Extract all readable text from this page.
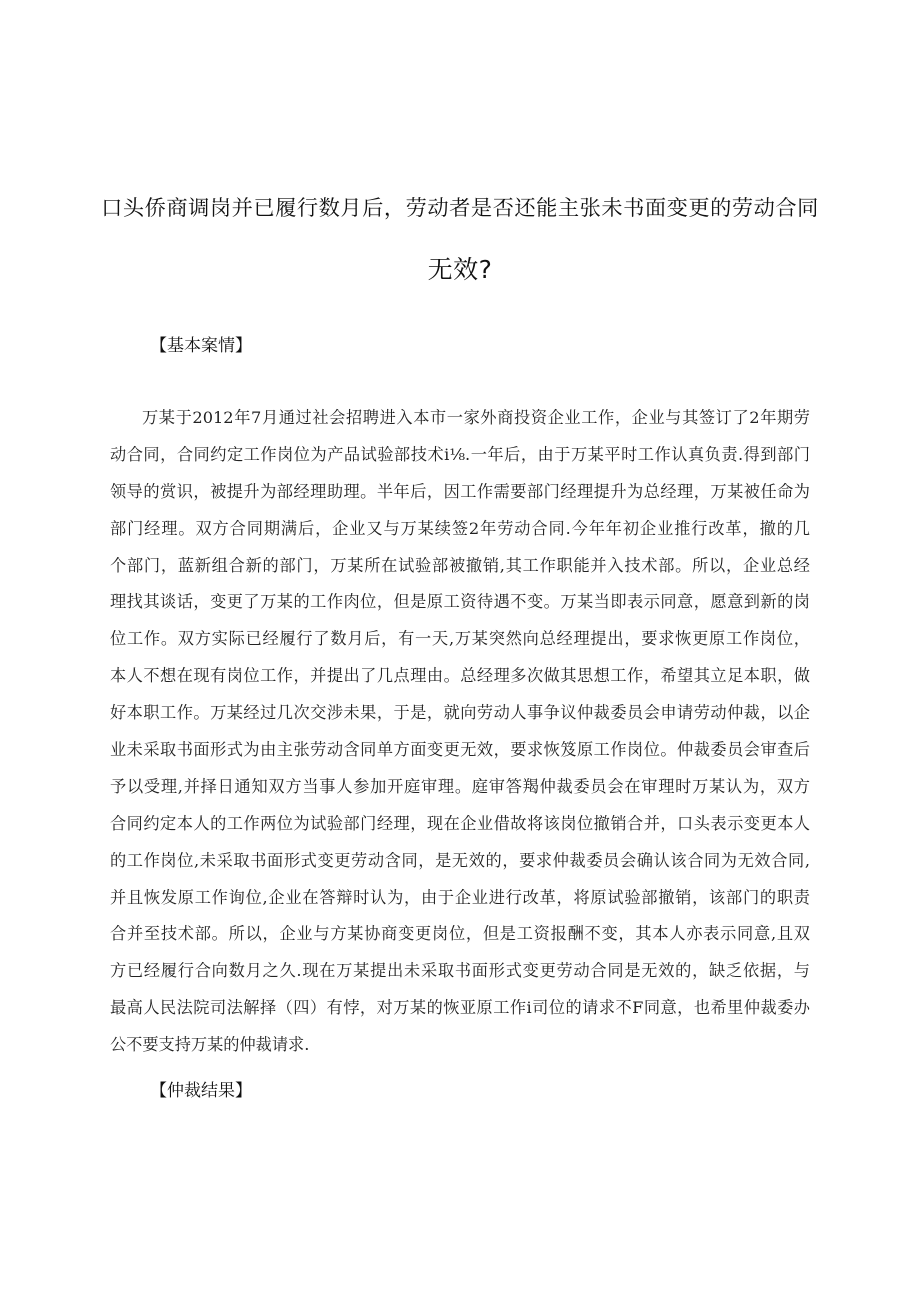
口头侨商调岗并已履行数月后，劳动者是否还能主张未书面变更的劳动合同
无效?
【基本案情】
万某于2012年7月通过社会招聘进入本市一家外商投资企业工作，企业与其签订了2年期劳
动合同，合同约定工作岗位为产品试验部技术i⅛.一年后，由于万某平时工作认真负责.得到部门
领导的赏识，被提升为部经理助理。半年后，因工作需要部门经理提升为总经理，万某被任命为
部门经理。双方合同期满后，企业又与万某续签2年劳动合同.今年年初企业推行改革，撤的几
个部门，蓝新组合新的部门，万某所在试验部被撤销,其工作职能并入技术部。所以，企业总经
理找其谈话，变更了万某的工作肉位，但是原工资待遇不变。万某当即表示同意，愿意到新的岗
位工作。双方实际已经履行了数月后，有一天,万某突然向总经理提出，要求恢更原工作岗位，
本人不想在现有岗位工作，并提出了几点理由。总经理多次做其思想工作，希望其立足本职，做
好本职工作。万某经过几次交涉未果，于是，就向劳动人事争议仲裁委员会申请劳动仲裁，以企
业未采取书面形式为由主张劳动含同单方面变更无效，要求恢笈原工作岗位。仲裁委员会审查后
予以受理,并择日通知双方当事人参加开庭审理。庭审答羯仲裁委员会在审理时万某认为，双方
合同约定本人的工作两位为试验部门经理，现在企业借故将该岗位撤销合并，口头表示变更本人
的工作岗位,未采取书面形式变更劳动含同，是无效的，要求仲裁委员会确认该合同为无效合同,
并且恢发原工作询位,企业在答辩时认为，由于企业进行改革，将原试验部撤销，该部门的职责
合并至技术部。所以，企业与方某协商变更岗位，但是工资报酬不变，其本人亦表示同意,且双
方已经履行合向数月之久.现在万某提出未采取书面形式变更劳动合同是无效的，缺乏依据，与
最高人民法院司法解择（四）有悖，对万某的恢亚原工作i司位的请求不F同意，也希里仲裁委办
公不要支持万某的仲裁请求.
【仲裁结果】
